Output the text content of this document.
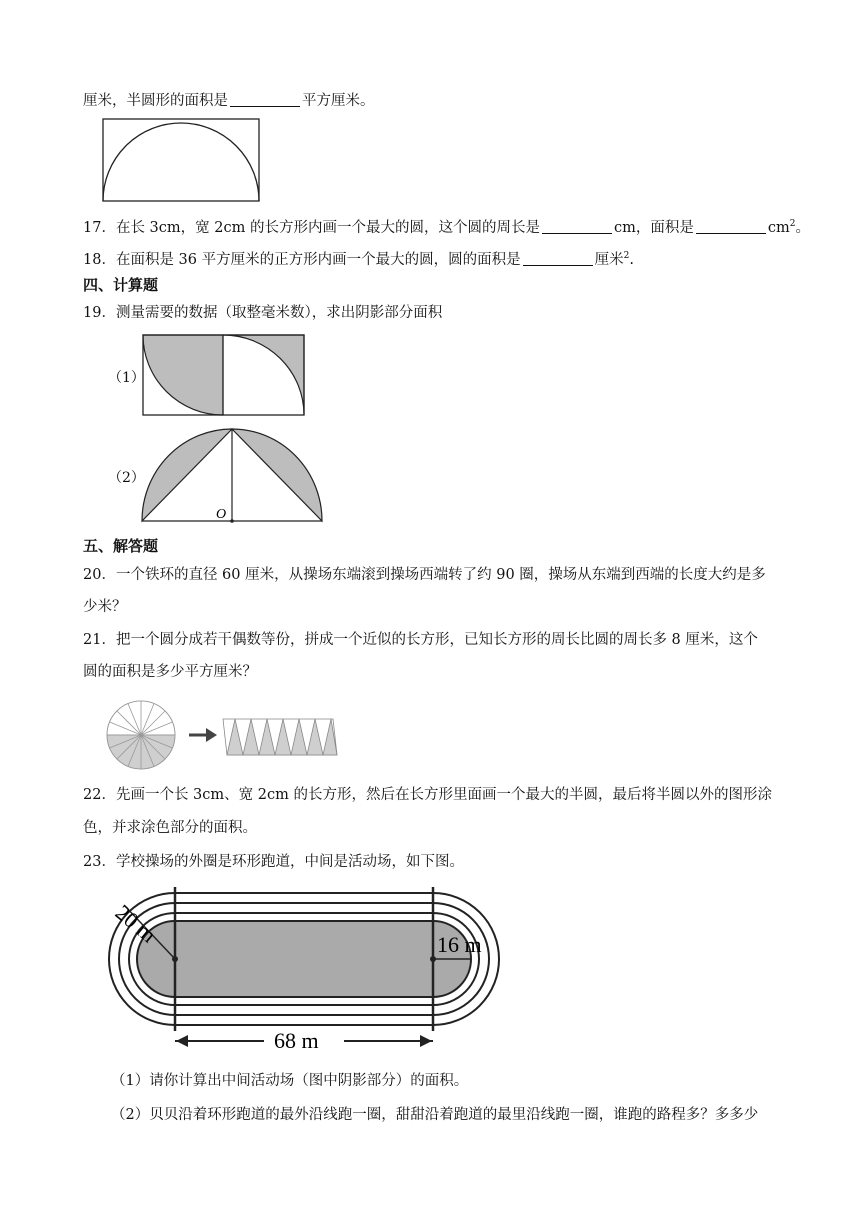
厘米，半圆形的面积是	平方厘米。
17．在长 3cm，宽 2cm 的长方形内画一个最大的圆，这个圆的周长是	cm，面积是	$cm^2$。
18．在面积是 36 平方厘米的正方形内画一个最大的圆，圆的面积是	厘米$^2$.
四、计算题
19．测量需要的数据（取整毫米数），求出阴影部分面积
（1）
（2）
O
五、解答题
20．一个铁环的直径 60 厘米，从操场东端滚到操场西端转了约 90 圈，操场从东端到西端的长度大约是多
少米？
21．把一个圆分成若干偶数等份，拼成一个近似的长方形，已知长方形的周长比圆的周长多 8 厘米，这个
圆的面积是多少平方厘米？
22．先画一个长 3cm、宽 2cm 的长方形，然后在长方形里面画一个最大的半圆，最后将半圆以外的图形涂
色，并求涂色部分的面积。
23．学校操场的外圈是环形跑道，中间是活动场，如下图。
20 m	16 m
68 m
（1）请你计算出中间活动场（图中阴影部分）的面积。
（2）贝贝沿着环形跑道的最外沿线跑一圈，甜甜沿着跑道的最里沿线跑一圈，谁跑的路程多？多多少
